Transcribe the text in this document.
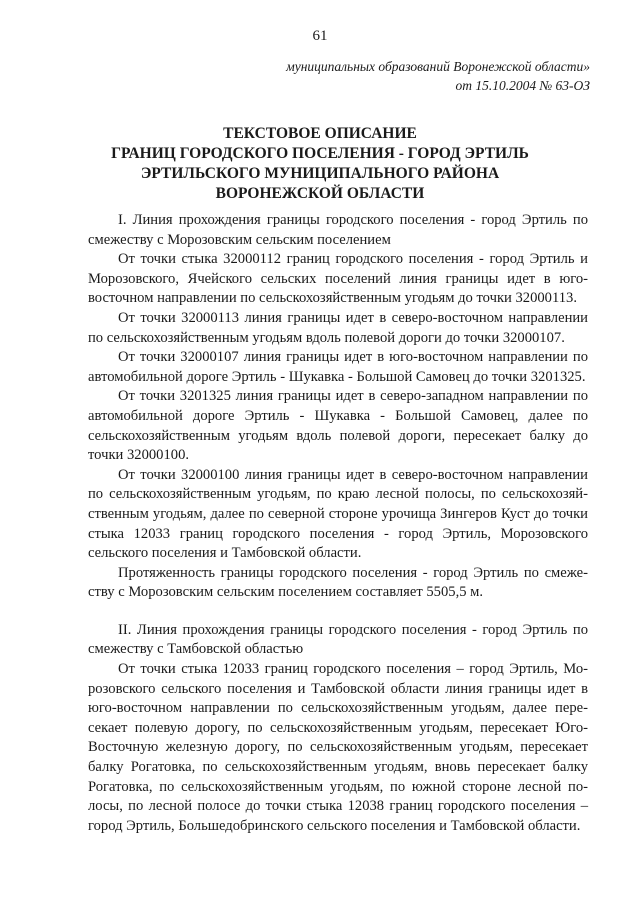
61
муниципальных образований Воронежской области»
от 15.10.2004 № 63-ОЗ
ТЕКСТОВОЕ ОПИСАНИЕ
ГРАНИЦ ГОРОДСКОГО ПОСЕЛЕНИЯ - ГОРОД ЭРТИЛЬ
ЭРТИЛЬСКОГО МУНИЦИПАЛЬНОГО РАЙОНА
ВОРОНЕЖСКОЙ ОБЛАСТИ

I. Линия прохождения границы городского поселения - город Эртиль по смежеству с Морозовским сельским поселением

От точки стыка 32000112 границ городского поселения - город Эртиль и Морозовского, Ячейского сельских поселений линия границы идет в юго-восточном направлении по сельскохозяйственным угодьям до точки 32000113.

От точки 32000113 линия границы идет в северо-восточном направлении по сельскохозяйственным угодьям вдоль полевой дороги до точки 32000107.

От точки 32000107 линия границы идет в юго-восточном направлении по автомобильной дороге Эртиль - Шукавка - Большой Самовец до точки 3201325.

От точки 3201325 линия границы идет в северо-западном направлении по автомобильной дороге Эртиль - Шукавка - Большой Самовец, далее по сельскохозяйственным угодьям вдоль полевой дороги, пересекает балку до точки 32000100.

От точки 32000100 линия границы идет в северо-восточном направлении по сельскохозяйственным угодьям, по краю лесной полосы, по сельскохозяйственным угодьям, далее по северной стороне урочища Зингеров Куст до точки стыка 12033 границ городского поселения - город Эртиль, Морозовского сельского поселения и Тамбовской области.

Протяженность границы городского поселения - город Эртиль по смежеству с Морозовским сельским поселением составляет 5505,5 м.

II. Линия прохождения границы городского поселения - город Эртиль по смежеству с Тамбовской областью

От точки стыка 12033 границ городского поселения – город Эртиль, Морозовского сельского поселения и Тамбовской области линия границы идет в юго-восточном направлении по сельскохозяйственным угодьям, далее пересекает полевую дорогу, по сельскохозяйственным угодьям, пересекает Юго-Восточную железную дорогу, по сельскохозяйственным угодьям, пересекает балку Рогатовка, по сельскохозяйственным угодьям, вновь пересекает балку Рогатовка, по сельскохозяйственным угодьям, по южной стороне лесной полосы, по лесной полосе до точки стыка 12038 границ городского поселения – город Эртиль, Большедобринского сельского поселения и Тамбовской области.
